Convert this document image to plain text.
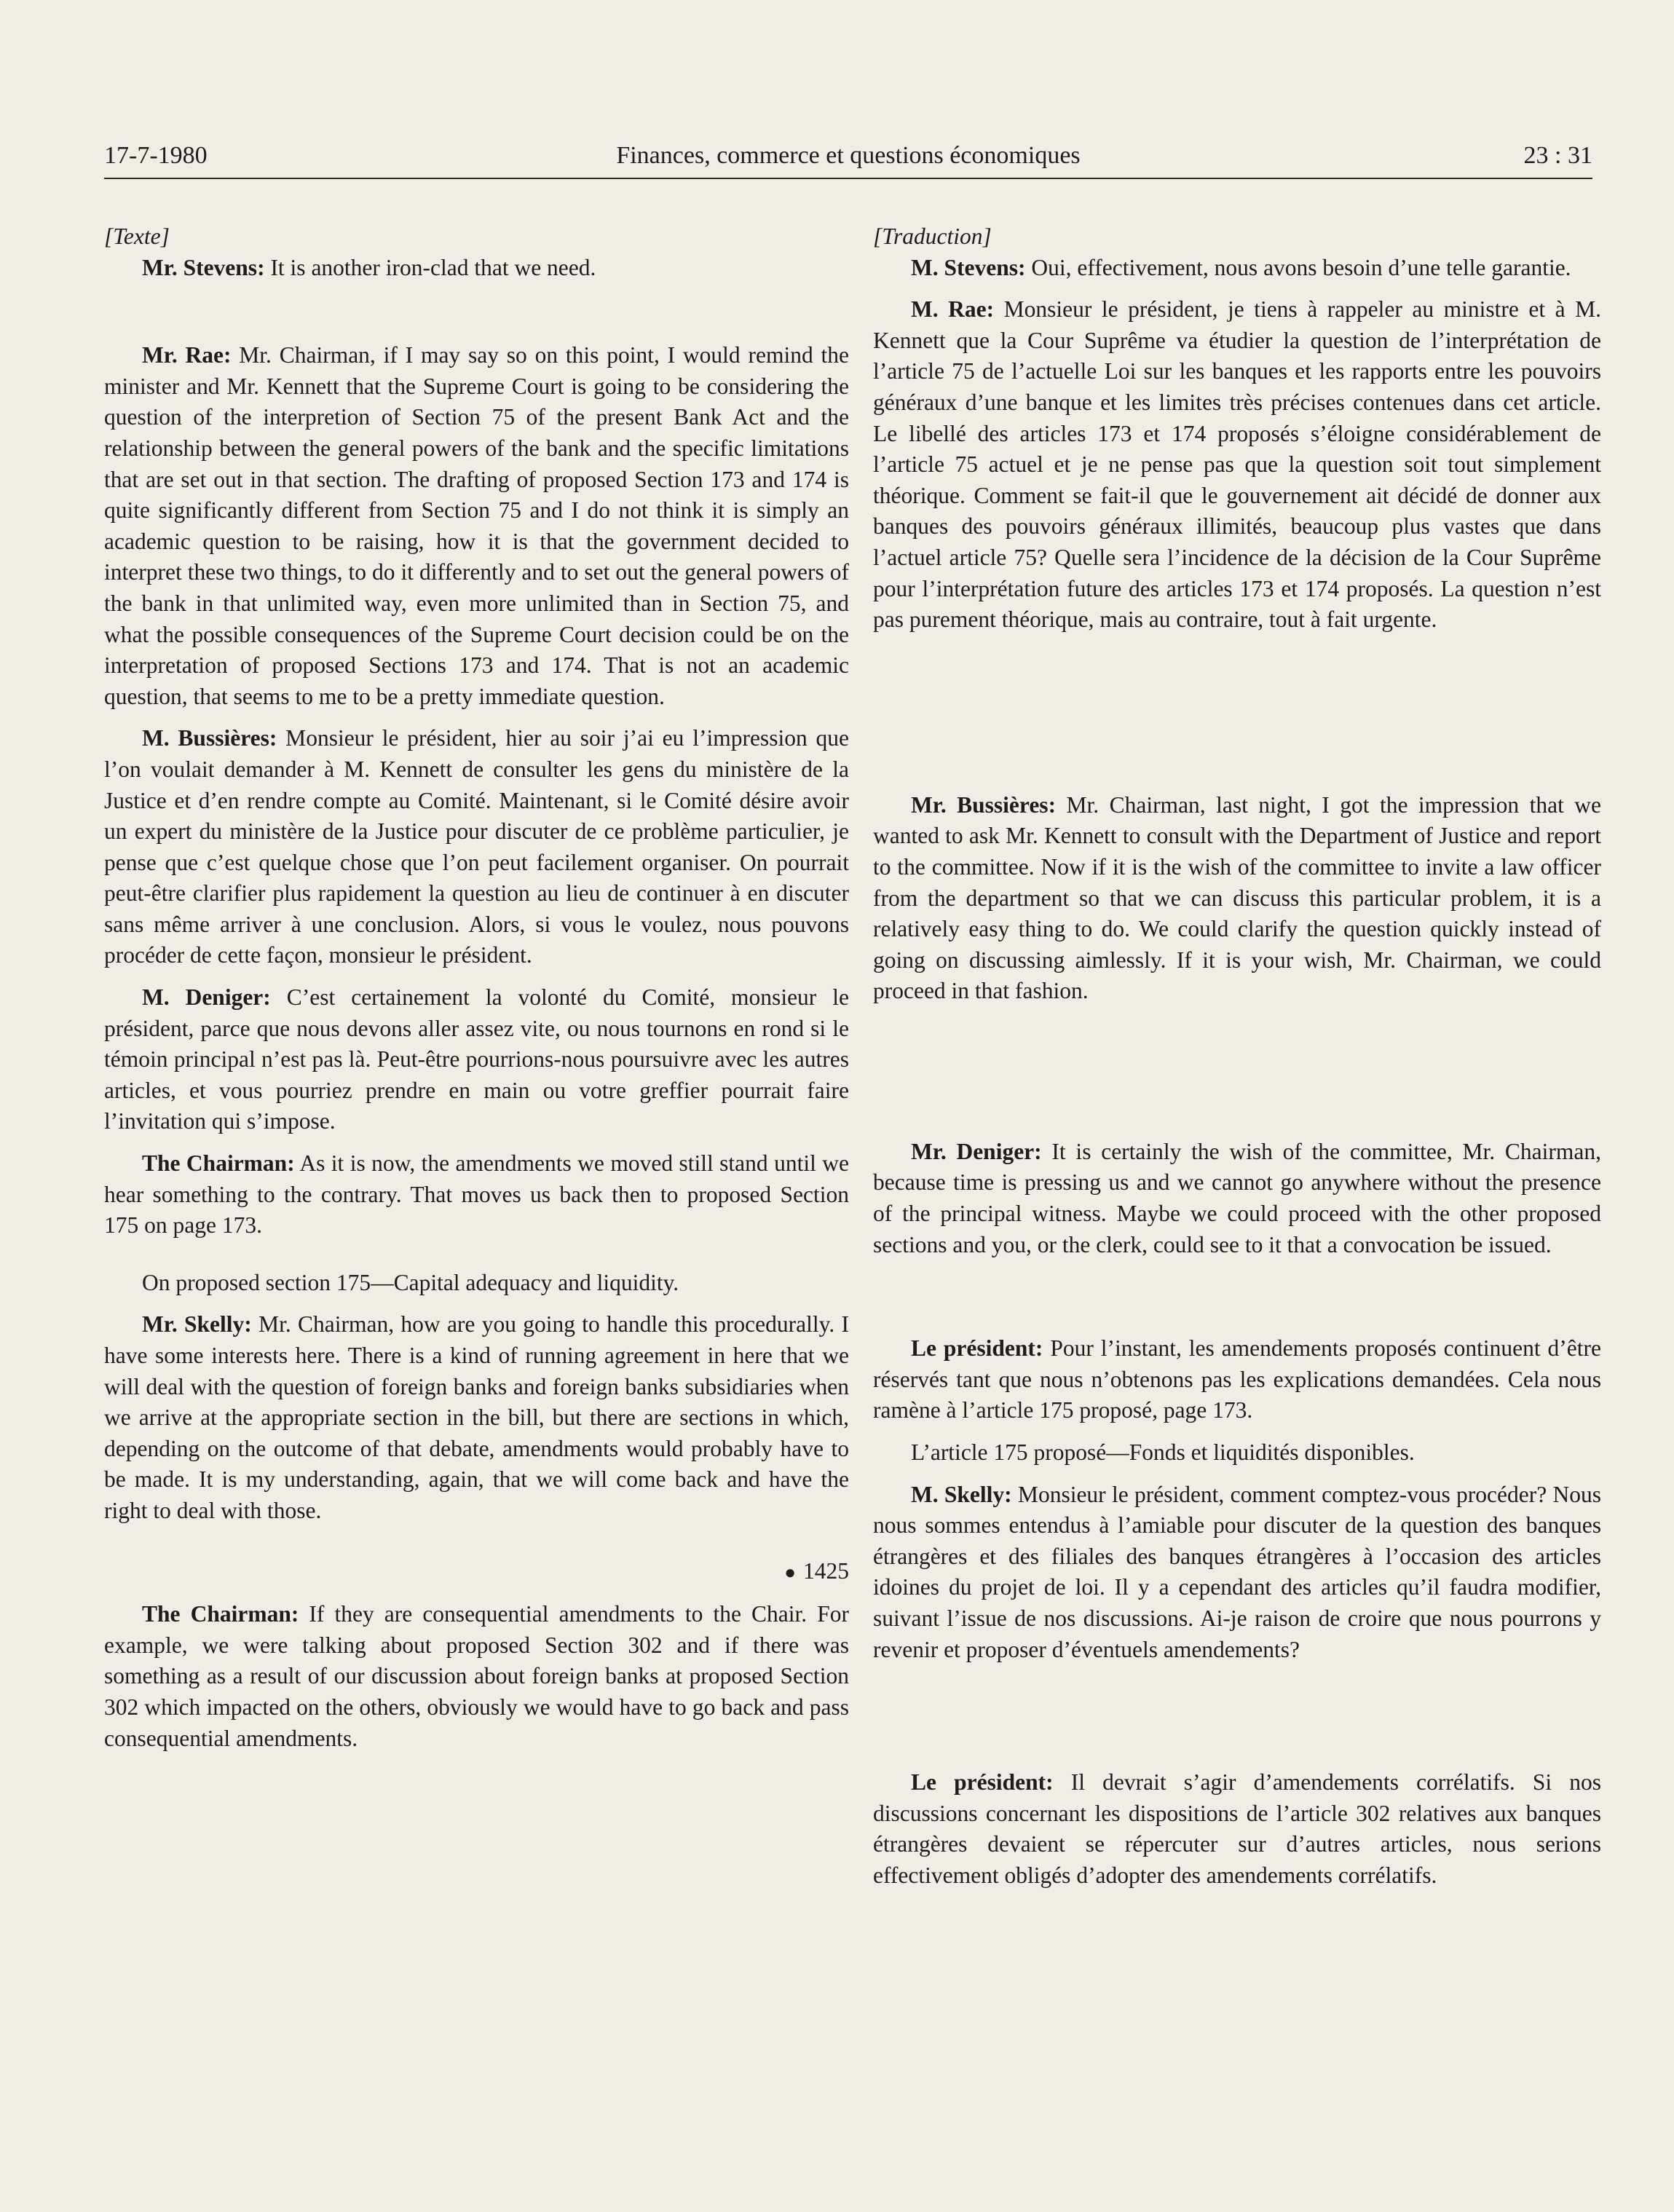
17-7-1980	Finances, commerce et questions économiques	23 : 31
[Texte]

Mr. Stevens: It is another iron-clad that we need.

Mr. Rae: Mr. Chairman, if I may say so on this point, I would remind the minister and Mr. Kennett that the Supreme Court is going to be considering the question of the interpretion of Section 75 of the present Bank Act and the relationship between the general powers of the bank and the specific limitations that are set out in that section. The drafting of proposed Section 173 and 174 is quite significantly different from Section 75 and I do not think it is simply an academic question to be raising, how it is that the government decided to interpret these two things, to do it differently and to set out the general powers of the bank in that unlimited way, even more unlimited than in Section 75, and what the possible consequences of the Supreme Court decision could be on the interpretation of proposed Sections 173 and 174. That is not an academic question, that seems to me to be a pretty immediate question.

M. Bussières: Monsieur le président, hier au soir j’ai eu l’impression que l’on voulait demander à M. Kennett de consulter les gens du ministère de la Justice et d’en rendre compte au Comité. Maintenant, si le Comité désire avoir un expert du ministère de la Justice pour discuter de ce problème particulier, je pense que c’est quelque chose que l’on peut facilement organiser. On pourrait peut-être clarifier plus rapidement la question au lieu de continuer à en discuter sans même arriver à une conclusion. Alors, si vous le voulez, nous pouvons procéder de cette façon, monsieur le président.

M. Deniger: C’est certainement la volonté du Comité, monsieur le président, parce que nous devons aller assez vite, ou nous tournons en rond si le témoin principal n’est pas là. Peut-être pourrions-nous poursuivre avec les autres articles, et vous pourriez prendre en main ou votre greffier pourrait faire l’invitation qui s’impose.

The Chairman: As it is now, the amendments we moved still stand until we hear something to the contrary. That moves us back then to proposed Section 175 on page 173.

On proposed section 175—Capital adequacy and liquidity.

Mr. Skelly: Mr. Chairman, how are you going to handle this procedurally. I have some interests here. There is a kind of running agreement in here that we will deal with the question of foreign banks and foreign banks subsidiaries when we arrive at the appropriate section in the bill, but there are sections in which, depending on the outcome of that debate, amendments would probably have to be made. It is my understanding, again, that we will come back and have the right to deal with those.

● 1425

The Chairman: If they are consequential amendments to the Chair. For example, we were talking about proposed Section 302 and if there was something as a result of our discussion about foreign banks at proposed Section 302 which impacted on the others, obviously we would have to go back and pass consequential amendments.

[Traduction]

M. Stevens: Oui, effectivement, nous avons besoin d’une telle garantie.

M. Rae: Monsieur le président, je tiens à rappeler au ministre et à M. Kennett que la Cour Suprême va étudier la question de l’interprétation de l’article 75 de l’actuelle Loi sur les banques et les rapports entre les pouvoirs généraux d’une banque et les limites très précises contenues dans cet article. Le libellé des articles 173 et 174 proposés s’éloigne considérablement de l’article 75 actuel et je ne pense pas que la question soit tout simplement théorique. Comment se fait-il que le gouvernement ait décidé de donner aux banques des pouvoirs généraux illimités, beaucoup plus vastes que dans l’actuel article 75? Quelle sera l’incidence de la décision de la Cour Suprême pour l’interprétation future des articles 173 et 174 proposés. La question n’est pas purement théorique, mais au contraire, tout à fait urgente.

Mr. Bussières: Mr. Chairman, last night, I got the impression that we wanted to ask Mr. Kennett to consult with the Department of Justice and report to the committee. Now if it is the wish of the committee to invite a law officer from the department so that we can discuss this particular problem, it is a relatively easy thing to do. We could clarify the question quickly instead of going on discussing aimlessly. If it is your wish, Mr. Chairman, we could proceed in that fashion.

Mr. Deniger: It is certainly the wish of the committee, Mr. Chairman, because time is pressing us and we cannot go anywhere without the presence of the principal witness. Maybe we could proceed with the other proposed sections and you, or the clerk, could see to it that a convocation be issued.

Le président: Pour l’instant, les amendements proposés continuent d’être réservés tant que nous n’obtenons pas les explications demandées. Cela nous ramène à l’article 175 proposé, page 173.

L’article 175 proposé—Fonds et liquidités disponibles.

M. Skelly: Monsieur le président, comment comptez-vous procéder? Nous nous sommes entendus à l’amiable pour discuter de la question des banques étrangères et des filiales des banques étrangères à l’occasion des articles idoines du projet de loi. Il y a cependant des articles qu’il faudra modifier, suivant l’issue de nos discussions. Ai-je raison de croire que nous pourrons y revenir et proposer d’éventuels amendements?

Le président: Il devrait s’agir d’amendements corrélatifs. Si nos discussions concernant les dispositions de l’article 302 relatives aux banques étrangères devaient se répercuter sur d’autres articles, nous serions effectivement obligés d’adopter des amendements corrélatifs.
